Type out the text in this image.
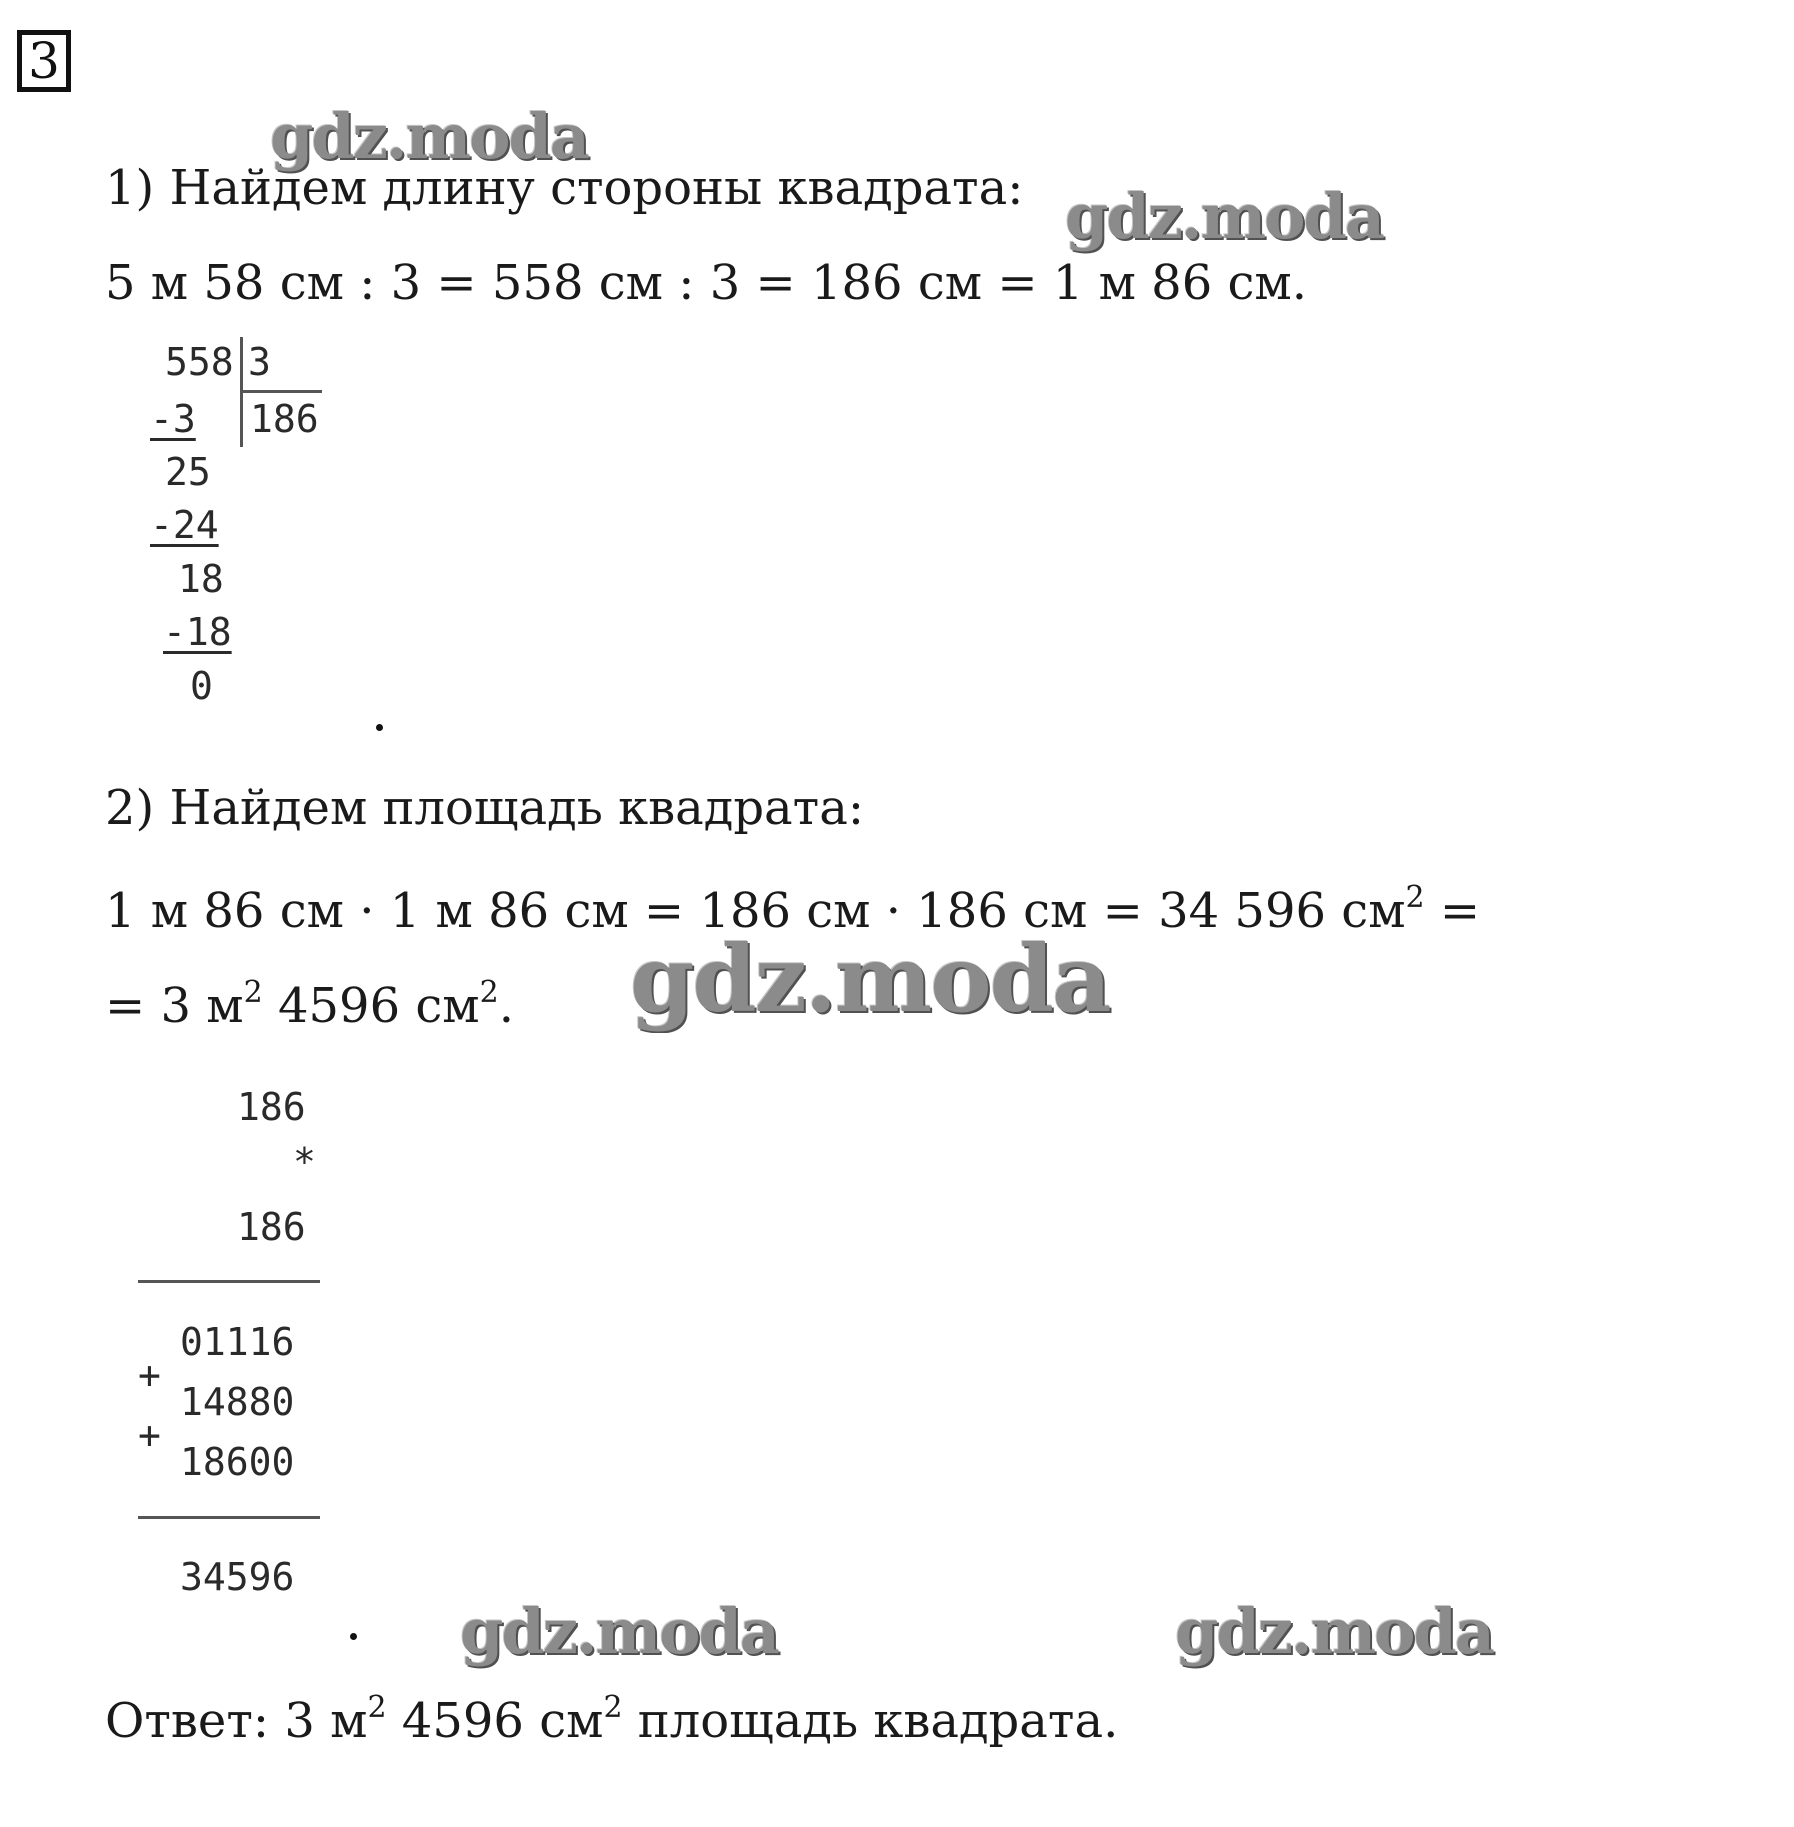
3
gdz.moda
gdz.moda
gdz.moda
gdz.moda	gdz.moda
1) Найдем длину стороны квадрата:
5 м 58 см : 3 = 558 см : 3 = 186 см = 1 м 86 см.
558 3
186
-3
25
-24
18
-18
0
2) Найдем площадь квадрата:
1 м 86 см · 1 м 86 см = 186 см · 186 см = 34 596 $см^2$ =
= 3 $м^2$ 4596 $см^2$.
186
*
186
01116
+
14880
+
18600
34596
Ответ: 3 $м^2$ 4596 $см^2$ площадь квадрата.
